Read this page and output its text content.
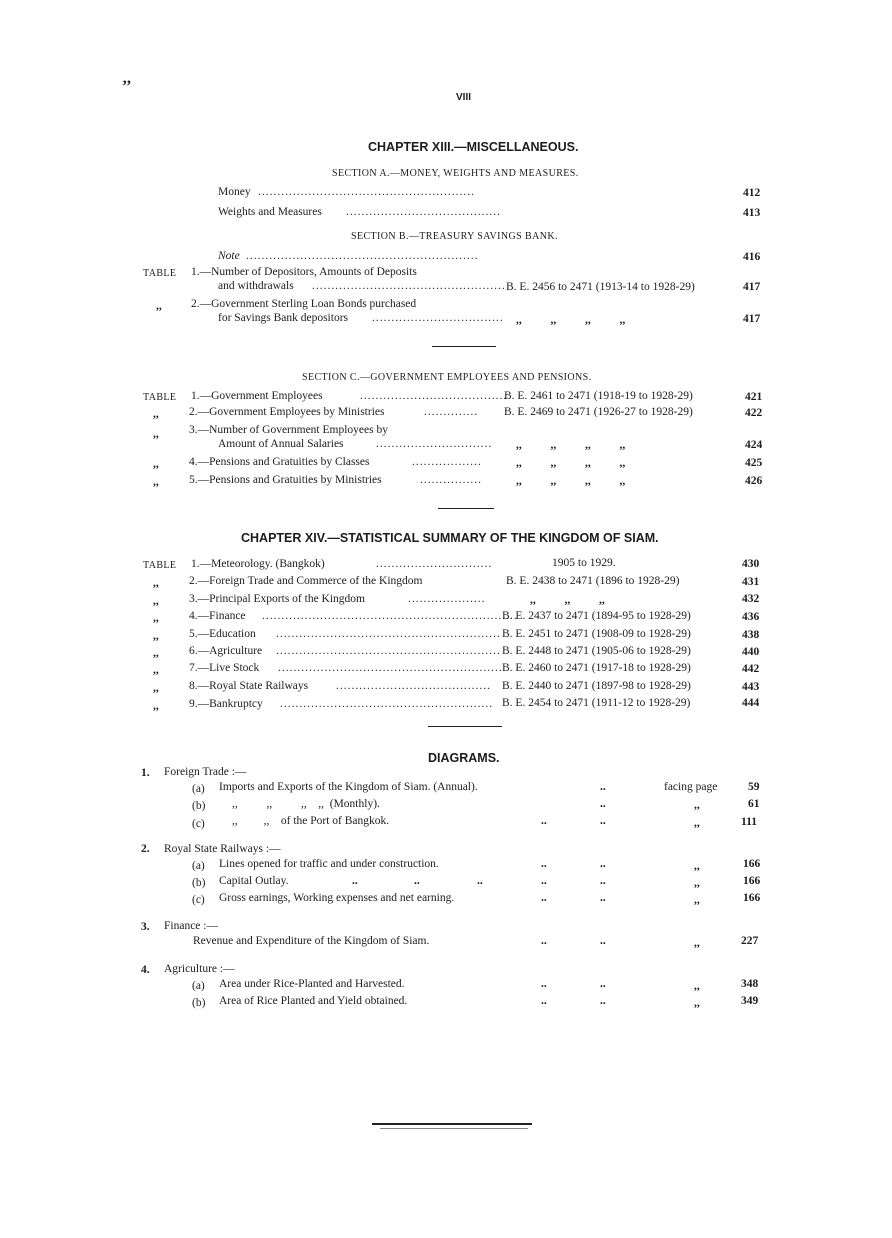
’’
VIII
CHAPTER XIII.—MISCELLANEOUS.
SECTION A.—MONEY, WEIGHTS AND MEASURES.
Money ........................................................	412
Weights and Measures ........................................	413
SECTION B.—TREASURY SAVINGS BANK.
Note ............................................................	416
TABLE 1.—Number of Depositors, Amounts of Deposits
and withdrawals .................................................. B. E. 2456 to 2471 (1913-14 to 1928-29)	417
,,	2.—Government Sterling Loan Bonds purchased
for Savings Bank depositors .................................. ,,          ,,          ,,          ,,	417
SECTION C.—GOVERNMENT EMPLOYEES AND PENSIONS.
TABLE 1.—Government Employees	......................................
B. E. 2461 to 2471 (1918-19 to 1928-29)	421
,,	2.—Government Employees by Ministries	.............. B. E. 2469 to 2471 (1926-27 to 1928-29)	422
,,	3.—Number of Government Employees by
Amount of Annual Salaries	.............................. ,,          ,,          ,,          ,,	424
,,	4.—Pensions and Gratuities by Classes	..................	,,          ,,          ,,          ,,	425
,,	5.—Pensions and Gratuities by Ministries	................	,,          ,,          ,,          ,,	426
CHAPTER XIV.—STATISTICAL SUMMARY OF THE KINGDOM OF SIAM.
TABLE 1.—Meteorology. (Bangkok)	..............................	1905 to 1929.	430
,,	2.—Foreign Trade and Commerce of the Kingdom	B. E. 2438 to 2471 (1896 to 1928-29)	431
,,	3.—Principal Exports of the Kingdom	....................	,,          ,,          ,,	432
,,	4.—Finance ..................................................................
B. E. 2437 to 2471 (1894-95 to 1928-29)	436
,,	5.—Education .......................................................... B. E. 2451 to 2471 (1908-09 to 1928-29)	438
,,	6.—Agriculture .......................................................... B. E. 2448 to 2471 (1905-06 to 1928-29)	440
,,	7.—Live Stock .......................................................... B. E. 2460 to 2471 (1917-18 to 1928-29)	442
,,	8.—Royal State Railways ........................................ B. E. 2440 to 2471 (1897-98 to 1928-29)	443
,,	9.—Bankruptcy ....................................................... B. E. 2454 to 2471 (1911-12 to 1928-29)	444
DIAGRAMS.
1. Foreign Trade :—
(a) Imports and Exports of the Kingdom of Siam. (Annual).	..	facing page	59
(b) ,,          ,,          ,,    ,,  (Monthly).	..	,,	61
(c) ,,         ,,    of the Port of Bangkok.	..	..	,,	111
2. Royal State Railways :—
(a) Lines opened for traffic and under construction.	..	..	,,	166
(b) Capital Outlay.	..	..	..	..	..	,,	166
(c) Gross earnings, Working expenses and net earning.	..	..	,,	166
3. Finance :—
Revenue and Expenditure of the Kingdom of Siam.	..	..	,,	227
4. Agriculture :—
(a) Area under Rice-Planted and Harvested.	..	..	,,	348
(b) Area of Rice Planted and Yield obtained.	..	..	,,	349
